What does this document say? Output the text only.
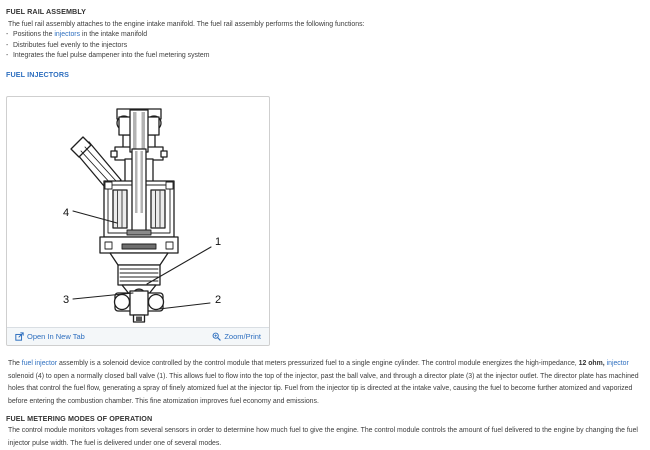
FUEL RAIL ASSEMBLY
The fuel rail assembly attaches to the engine intake manifold. The fuel rail assembly performs the following functions:
- Positions the injectors in the intake manifold
- Distributes fuel evenly to the injectors
- Integrates the fuel pulse dampener into the fuel metering system
FUEL INJECTORS
4
1
3	2
Open In New Tab	Zoom/Print
The fuel injector assembly is a solenoid device controlled by the control module that meters pressurized fuel to a single engine cylinder. The control module energizes the high-impedance, 12 ohm, injector solenoid (4) to open a normally closed ball valve (1). This allows fuel to flow into the top of the injector, past the ball valve, and through a director plate (3) at the injector outlet. The director plate has machined holes that control the fuel flow, generating a spray of finely atomized fuel at the injector tip. Fuel from the injector tip is directed at the intake valve, causing the fuel to become further atomized and vaporized before entering the combustion chamber. This fine atomization improves fuel economy and emissions.
FUEL METERING MODES OF OPERATION
The control module monitors voltages from several sensors in order to determine how much fuel to give the engine. The control module controls the amount of fuel delivered to the engine by changing the fuel injector pulse width. The fuel is delivered under one of several modes.
